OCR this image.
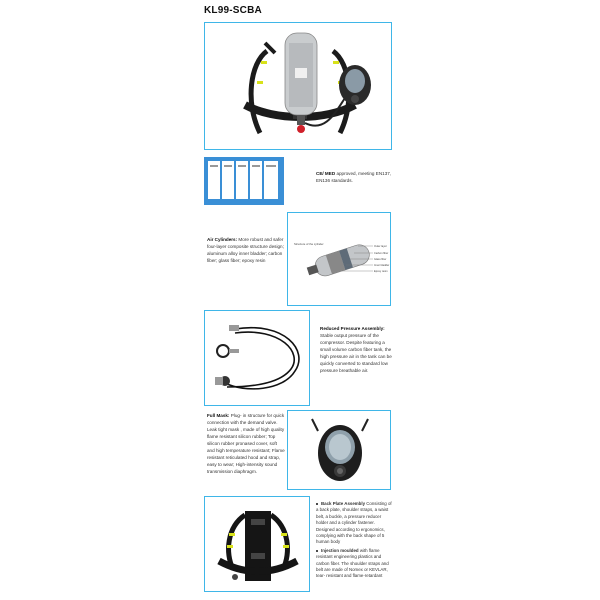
KL99-SCBA
CE/ MED approved, meeting EN137, EN136 standards.
Air Cylinders: More robust and safer four-layer composite structure design; aluminum alloy inner bladder; carbon fiber; glass fiber; epoxy resin
Structure of the cylinder
Outer layer
Carbon fiber
Glass fiber
Inner bladder
Epoxy resin
Reduced Pressure Assembly:
Stable output pressure of the compressor. Despite featuring a small volume carbon fiber tank, the high pressure air in the tank can be quickly converted to standard low pressure breathable air.
Full Mask: Plug- in structure for quick connection with the demand valve. Leak tight mask , made of high quality flame resistant silicon rubber; Top silicon rubber pronased cover, soft and high temperature resistant; Flame resistant reticulated hood and strap, easy to wear; High-intensity sound transmission diaphragm.
Back Plate Assembly Consisting of a back plate, shoulder straps, a waist belt, a buckle, a pressure reducer holder and a cylinder fastener. Designed according to ergonomics, complying with the back shape of 5 human body
Injection moulded with flame resistant engineering plastics and carbon fiber. The shoulder straps and belt are made of Nomex or KEVLAR, tear- resistant and flame-retardant
